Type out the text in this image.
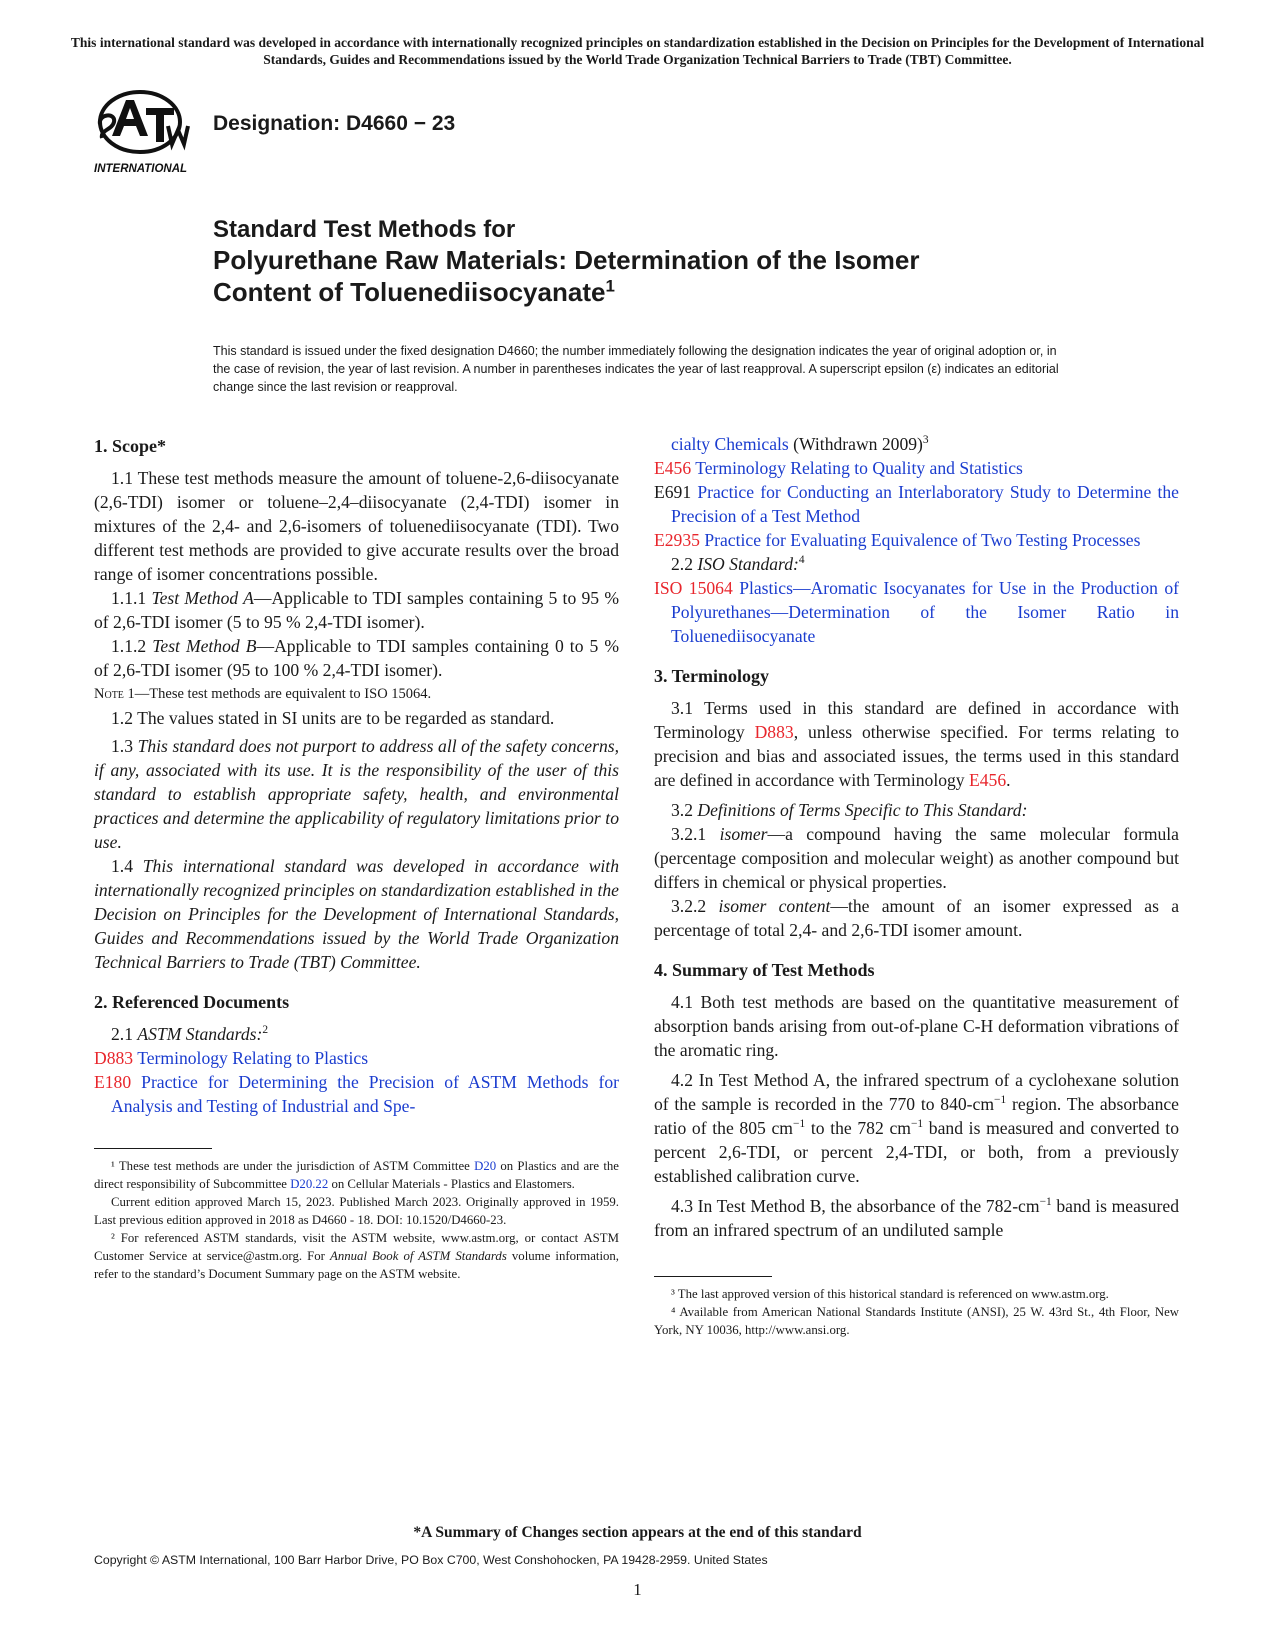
This international standard was developed in accordance with internationally recognized principles on standardization established in the Decision on Principles for the Development of International Standards, Guides and Recommendations issued by the World Trade Organization Technical Barriers to Trade (TBT) Committee.
INTERNATIONAL
Designation: D4660 − 23
Standard Test Methods for
Polyurethane Raw Materials: Determination of the Isomer
Content of Toluenediisocyanate$^1$
This standard is issued under the fixed designation D4660; the number immediately following the designation indicates the year of original adoption or, in the case of revision, the year of last revision. A number in parentheses indicates the year of last reapproval. A superscript epsilon (ε) indicates an editorial change since the last revision or reapproval.
1. Scope*

1.1 These test methods measure the amount of toluene-2,6-diisocyanate (2,6-TDI) isomer or toluene–2,4–diisocyanate (2,4-TDI) isomer in mixtures of the 2,4- and 2,6-isomers of toluenediisocyanate (TDI). Two different test methods are provided to give accurate results over the broad range of isomer concentrations possible.

1.1.1 Test Method A—Applicable to TDI samples containing 5 to 95 % of 2,6-TDI isomer (5 to 95 % 2,4-TDI isomer).

1.1.2 Test Method B—Applicable to TDI samples containing 0 to 5 % of 2,6-TDI isomer (95 to 100 % 2,4-TDI isomer).

Note 1—These test methods are equivalent to ISO 15064.

1.2 The values stated in SI units are to be regarded as standard.

1.3 This standard does not purport to address all of the safety concerns, if any, associated with its use. It is the responsibility of the user of this standard to establish appropriate safety, health, and environmental practices and determine the applicability of regulatory limitations prior to use.

1.4 This international standard was developed in accordance with internationally recognized principles on standardization established in the Decision on Principles for the Development of International Standards, Guides and Recommendations issued by the World Trade Organization Technical Barriers to Trade (TBT) Committee.

2. Referenced Documents

2.1 ASTM Standards:$^2$

D883 Terminology Relating to Plastics

E180 Practice for Determining the Precision of ASTM Methods for Analysis and Testing of Industrial and Spe-

¹ These test methods are under the jurisdiction of ASTM Committee D20 on Plastics and are the direct responsibility of Subcommittee D20.22 on Cellular Materials - Plastics and Elastomers.

Current edition approved March 15, 2023. Published March 2023. Originally approved in 1959. Last previous edition approved in 2018 as D4660 - 18. DOI: 10.1520/D4660-23.

² For referenced ASTM standards, visit the ASTM website, www.astm.org, or contact ASTM Customer Service at service@astm.org. For Annual Book of ASTM Standards volume information, refer to the standard’s Document Summary page on the ASTM website.

cialty Chemicals (Withdrawn 2009)$^3$

E456 Terminology Relating to Quality and Statistics

E691 Practice for Conducting an Interlaboratory Study to Determine the Precision of a Test Method

E2935 Practice for Evaluating Equivalence of Two Testing Processes

2.2 ISO Standard:$^4$

ISO 15064 Plastics—Aromatic Isocyanates for Use in the Production of Polyurethanes—Determination of the Isomer Ratio in Toluenediisocyanate

3. Terminology

3.1 Terms used in this standard are defined in accordance with Terminology D883, unless otherwise specified. For terms relating to precision and bias and associated issues, the terms used in this standard are defined in accordance with Terminology E456.

3.2 Definitions of Terms Specific to This Standard:

3.2.1 isomer—a compound having the same molecular formula (percentage composition and molecular weight) as another compound but differs in chemical or physical properties.

3.2.2 isomer content—the amount of an isomer expressed as a percentage of total 2,4- and 2,6-TDI isomer amount.

4. Summary of Test Methods

4.1 Both test methods are based on the quantitative measurement of absorption bands arising from out-of-plane C-H deformation vibrations of the aromatic ring.

4.2 In Test Method A, the infrared spectrum of a cyclohexane solution of the sample is recorded in the 770 to $840-cm^{-1}$ region. The absorbance ratio of the 805 $cm^{-1}$ to the 782 $cm^{-1}$ band is measured and converted to percent 2,6-TDI, or percent 2,4-TDI, or both, from a previously established calibration curve.

4.3 In Test Method B, the absorbance of the $782-cm^{-1}$ band is measured from an infrared spectrum of an undiluted sample

³ The last approved version of this historical standard is referenced on www.astm.org.

⁴ Available from American National Standards Institute (ANSI), 25 W. 43rd St., 4th Floor, New York, NY 10036, http://www.ansi.org.

*A Summary of Changes section appears at the end of this standard
Copyright © ASTM International, 100 Barr Harbor Drive, PO Box C700, West Conshohocken, PA 19428-2959. United States
1
